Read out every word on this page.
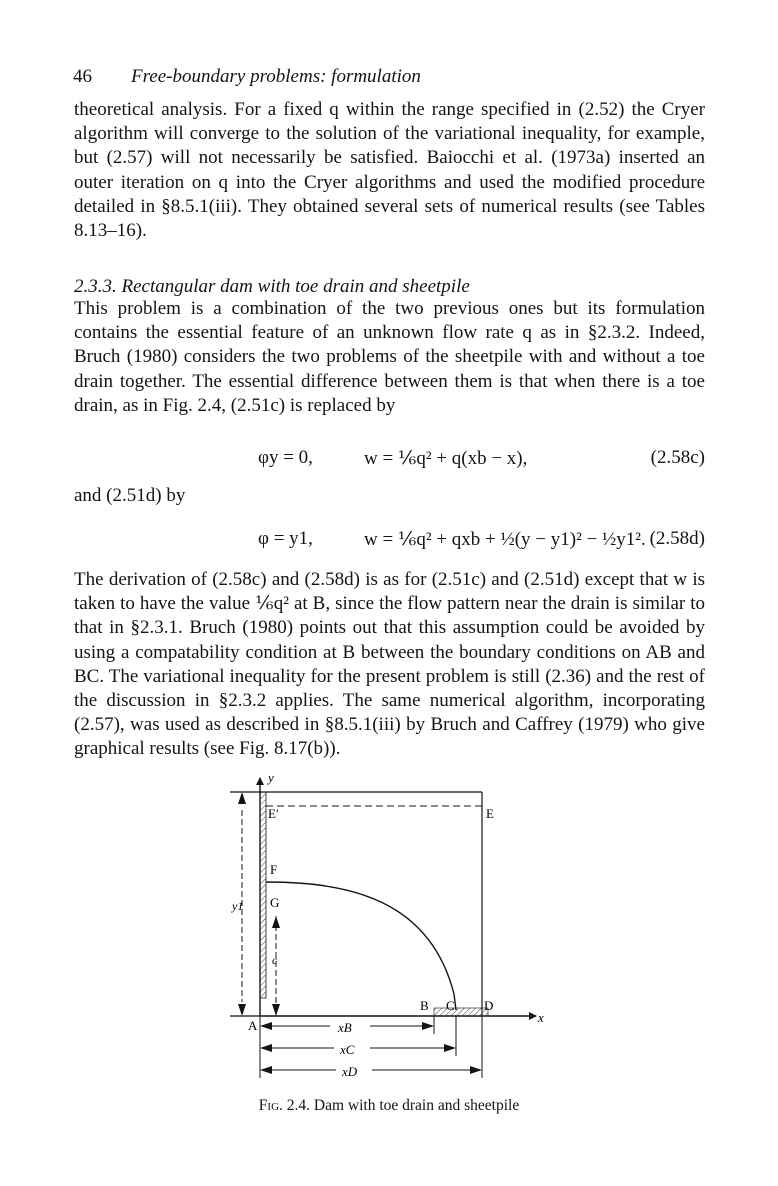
46 Free-boundary problems: formulation

theoretical analysis. For a fixed q within the range specified in (2.52) the Cryer algorithm will converge to the solution of the variational inequality, for example, but (2.57) will not necessarily be satisfied. Baiocchi et al. (1973a) inserted an outer iteration on q into the Cryer algorithms and used the modified procedure detailed in §8.5.1(iii). They obtained several sets of numerical results (see Tables 8.13–16).

2.3.3. Rectangular dam with toe drain and sheetpile

This problem is a combination of the two previous ones but its formulation contains the essential feature of an unknown flow rate q as in §2.3.2. Indeed, Bruch (1980) considers the two problems of the sheetpile with and without a toe drain together. The essential difference between them is that when there is a toe drain, as in Fig. 2.4, (2.51c) is replaced by

φy = 0,	w = ⅙q² + q(xb − x),	(2.58c)
and (2.51d) by
φ = y1,	w = ⅙q² + qxb + ½(y − y1)² − ½y1². (2.58d)

The derivation of (2.58c) and (2.58d) is as for (2.51c) and (2.51d) except that w is taken to have the value ⅙q² at B, since the flow pattern near the drain is similar to that in §2.3.1. Bruch (1980) points out that this assumption could be avoided by using a compatability condition at B between the boundary conditions on AB and BC. The variational inequality for the present problem is still (2.36) and the rest of the discussion in §2.3.2 applies. The same numerical algorithm, incorporating (2.57), was used as described in §8.5.1(iii) by Bruch and Caffrey (1979) who give graphical results (see Fig. 8.17(b)).

y
x
E′	E
F
G
y1
c
A
B C D
xB
xC
xD
Fig. 2.4. Dam with toe drain and sheetpile
